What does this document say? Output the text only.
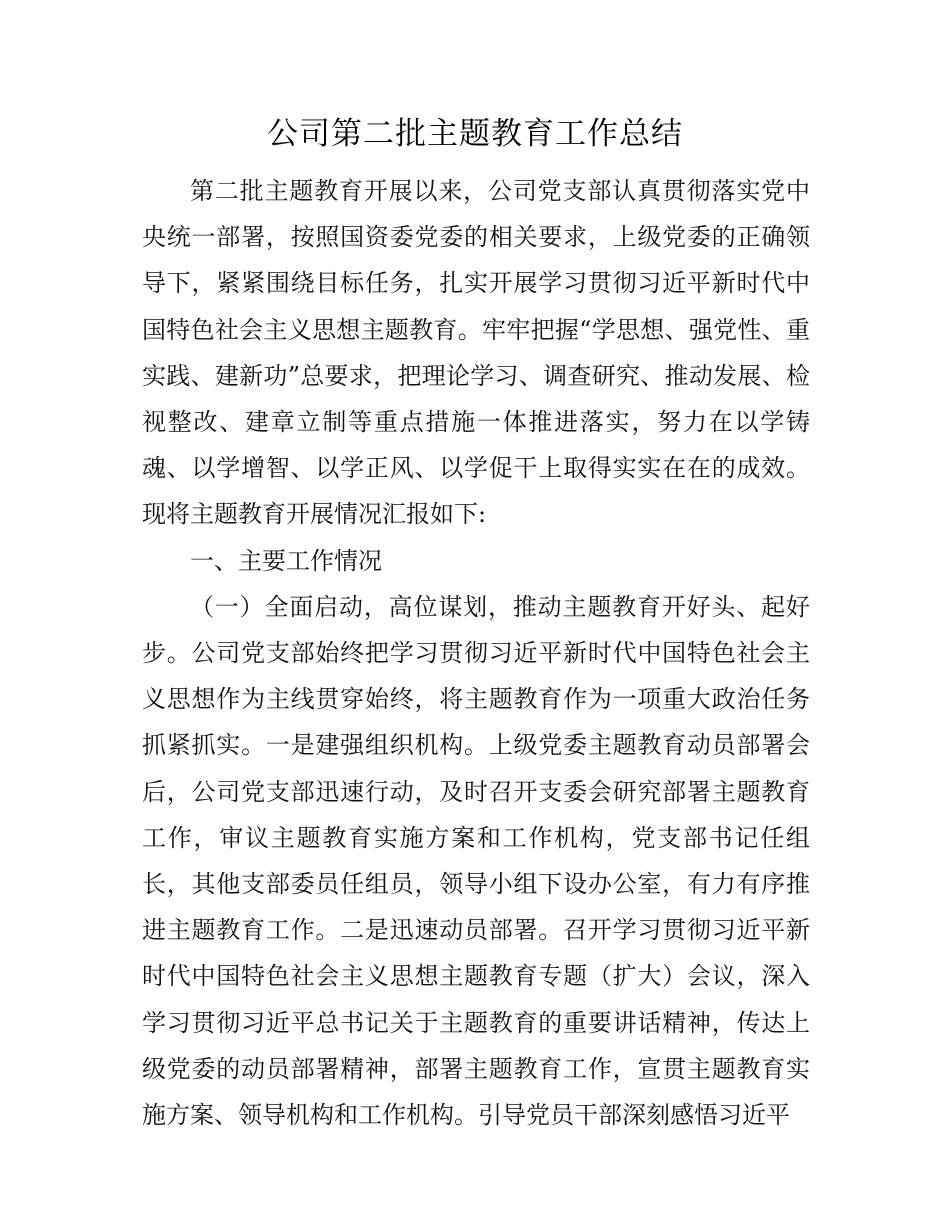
公司第二批主题教育工作总结

第二批主题教育开展以来，公司党支部认真贯彻落实党中央统一部署，按照国资委党委的相关要求，上级党委的正确领导下，紧紧围绕目标任务，扎实开展学习贯彻习近平新时代中国特色社会主义思想主题教育。牢牢把握“学思想、强党性、重实践、建新功”总要求，把理论学习、调查研究、推动发展、检视整改、建章立制等重点措施一体推进落实，努力在以学铸魂、以学增智、以学正风、以学促干上取得实实在在的成效。现将主题教育开展情况汇报如下:

一、主要工作情况

（一）全面启动，高位谋划，推动主题教育开好头、起好步。公司党支部始终把学习贯彻习近平新时代中国特色社会主义思想作为主线贯穿始终，将主题教育作为一项重大政治任务抓紧抓实。一是建强组织机构。上级党委主题教育动员部署会后，公司党支部迅速行动，及时召开支委会研究部署主题教育工作，审议主题教育实施方案和工作机构，党支部书记任组长，其他支部委员任组员，领导小组下设办公室，有力有序推进主题教育工作。二是迅速动员部署。召开学习贯彻习近平新时代中国特色社会主义思想主题教育专题（扩大）会议，深入学习贯彻习近平总书记关于主题教育的重要讲话精神，传达上级党委的动员部署精神，部署主题教育工作，宣贯主题教育实施方案、领导机构和工作机构。引导党员干部深刻感悟习近平
